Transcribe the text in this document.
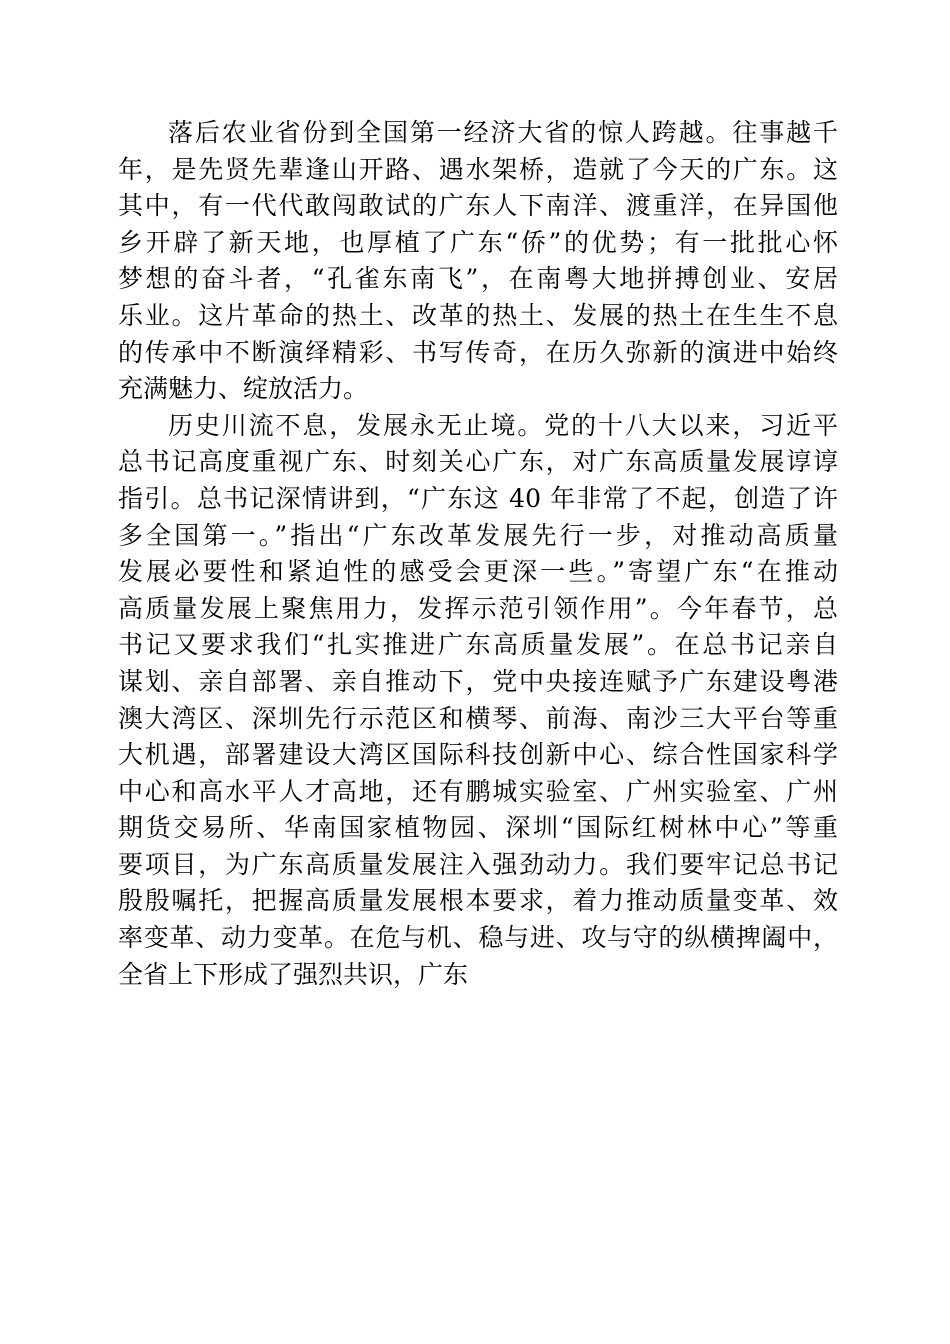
落后农业省份到全国第一经济大省的惊人跨越。往事越千
年，是先贤先辈逢山开路、遇水架桥，造就了今天的广东。这
其中，有一代代敢闯敢试的广东人下南洋、渡重洋，在异国他
乡开辟了新天地，也厚植了广东“侨”的优势；有一批批心怀
梦想的奋斗者，“孔雀东南飞”，在南粤大地拼搏创业、安居
乐业。这片革命的热土、改革的热土、发展的热土在生生不息
的传承中不断演绎精彩、书写传奇，在历久弥新的演进中始终
充满魅力、绽放活力。
历史川流不息，发展永无止境。党的十八大以来，习近平
总书记高度重视广东、时刻关心广东，对广东高质量发展谆谆
指引。总书记深情讲到，“广东这 40 年非常了不起，创造了许
多全国第一。”指出“广东改革发展先行一步，对推动高质量
发展必要性和紧迫性的感受会更深一些。”寄望广东“在推动
高质量发展上聚焦用力，发挥示范引领作用”。今年春节，总
书记又要求我们“扎实推进广东高质量发展”。在总书记亲自
谋划、亲自部署、亲自推动下，党中央接连赋予广东建设粤港
澳大湾区、深圳先行示范区和横琴、前海、南沙三大平台等重
大机遇，部署建设大湾区国际科技创新中心、综合性国家科学
中心和高水平人才高地，还有鹏城实验室、广州实验室、广州
期货交易所、华南国家植物园、深圳“国际红树林中心”等重
要项目，为广东高质量发展注入强劲动力。我们要牢记总书记
殷殷嘱托，把握高质量发展根本要求，着力推动质量变革、效
率变革、动力变革。在危与机、稳与进、攻与守的纵横捭阖中，
全省上下形成了强烈共识，广东
